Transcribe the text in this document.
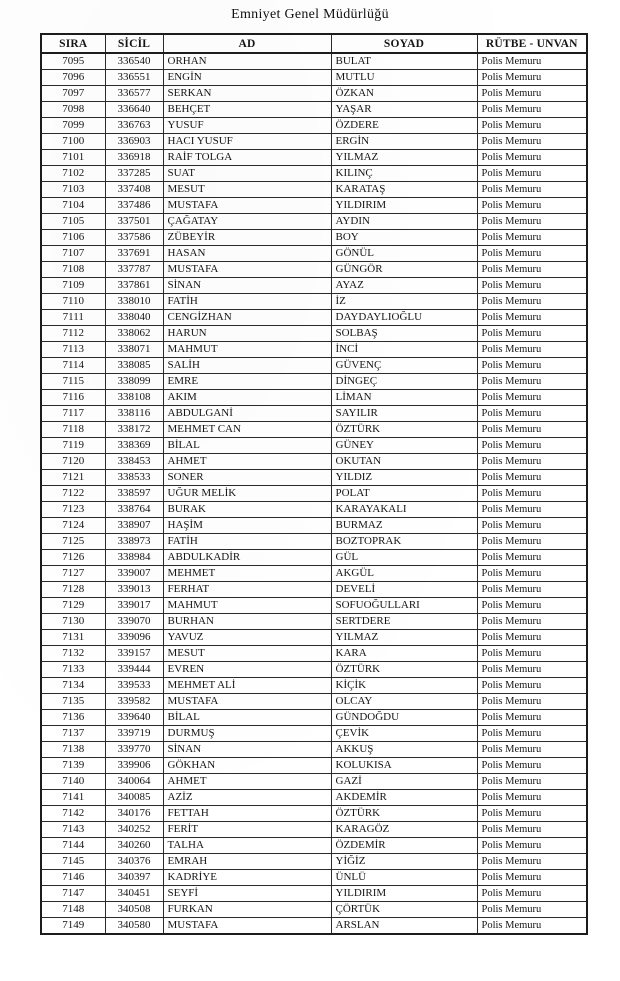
Emniyet Genel Müdürlüğü
SIRA	SİCİL	AD	SOYAD	RÜTBE - UNVAN
7095	336540	ORHAN	BULAT	Polis Memuru
7096	336551	ENGİN	MUTLU	Polis Memuru
7097	336577	SERKAN	ÖZKAN	Polis Memuru
7098	336640	BEHÇET	YAŞAR	Polis Memuru
7099	336763	YUSUF	ÖZDERE	Polis Memuru
7100	336903	HACI YUSUF	ERGİN	Polis Memuru
7101	336918	RAİF TOLGA	YILMAZ	Polis Memuru
7102	337285	SUAT	KILINÇ	Polis Memuru
7103	337408	MESUT	KARATAŞ	Polis Memuru
7104	337486	MUSTAFA	YILDIRIM	Polis Memuru
7105	337501	ÇAĞATAY	AYDIN	Polis Memuru
7106	337586	ZÜBEYİR	BOY	Polis Memuru
7107	337691	HASAN	GÖNÜL	Polis Memuru
7108	337787	MUSTAFA	GÜNGÖR	Polis Memuru
7109	337861	SİNAN	AYAZ	Polis Memuru
7110	338010	FATİH	İZ	Polis Memuru
7111	338040	CENGİZHAN	DAYDAYLIOĞLU	Polis Memuru
7112	338062	HARUN	SOLBAŞ	Polis Memuru
7113	338071	MAHMUT	İNCİ	Polis Memuru
7114	338085	SALİH	GÜVENÇ	Polis Memuru
7115	338099	EMRE	DİNGEÇ	Polis Memuru
7116	338108	AKIM	LİMAN	Polis Memuru
7117	338116	ABDULGANİ	SAYILIR	Polis Memuru
7118	338172	MEHMET CAN	ÖZTÜRK	Polis Memuru
7119	338369	BİLAL	GÜNEY	Polis Memuru
7120	338453	AHMET	OKUTAN	Polis Memuru
7121	338533	SONER	YILDIZ	Polis Memuru
7122	338597	UĞUR MELİK	POLAT	Polis Memuru
7123	338764	BURAK	KARAYAKALI	Polis Memuru
7124	338907	HAŞİM	BURMAZ	Polis Memuru
7125	338973	FATİH	BOZTOPRAK	Polis Memuru
7126	338984	ABDULKADİR	GÜL	Polis Memuru
7127	339007	MEHMET	AKGÜL	Polis Memuru
7128	339013	FERHAT	DEVELİ	Polis Memuru
7129	339017	MAHMUT	SOFUOĞULLARI	Polis Memuru
7130	339070	BURHAN	SERTDERE	Polis Memuru
7131	339096	YAVUZ	YILMAZ	Polis Memuru
7132	339157	MESUT	KARA	Polis Memuru
7133	339444	EVREN	ÖZTÜRK	Polis Memuru
7134	339533	MEHMET ALİ	KİÇİK	Polis Memuru
7135	339582	MUSTAFA	OLCAY	Polis Memuru
7136	339640	BİLAL	GÜNDOĞDU	Polis Memuru
7137	339719	DURMUŞ	ÇEVİK	Polis Memuru
7138	339770	SİNAN	AKKUŞ	Polis Memuru
7139	339906	GÖKHAN	KOLUKISA	Polis Memuru
7140	340064	AHMET	GAZİ	Polis Memuru
7141	340085	AZİZ	AKDEMİR	Polis Memuru
7142	340176	FETTAH	ÖZTÜRK	Polis Memuru
7143	340252	FERİT	KARAGÖZ	Polis Memuru
7144	340260	TALHA	ÖZDEMİR	Polis Memuru
7145	340376	EMRAH	YİĞİZ	Polis Memuru
7146	340397	KADRİYE	ÜNLÜ	Polis Memuru
7147	340451	SEYFİ	YILDIRIM	Polis Memuru
7148	340508	FURKAN	ÇÖRTÜK	Polis Memuru
7149	340580	MUSTAFA	ARSLAN	Polis Memuru
